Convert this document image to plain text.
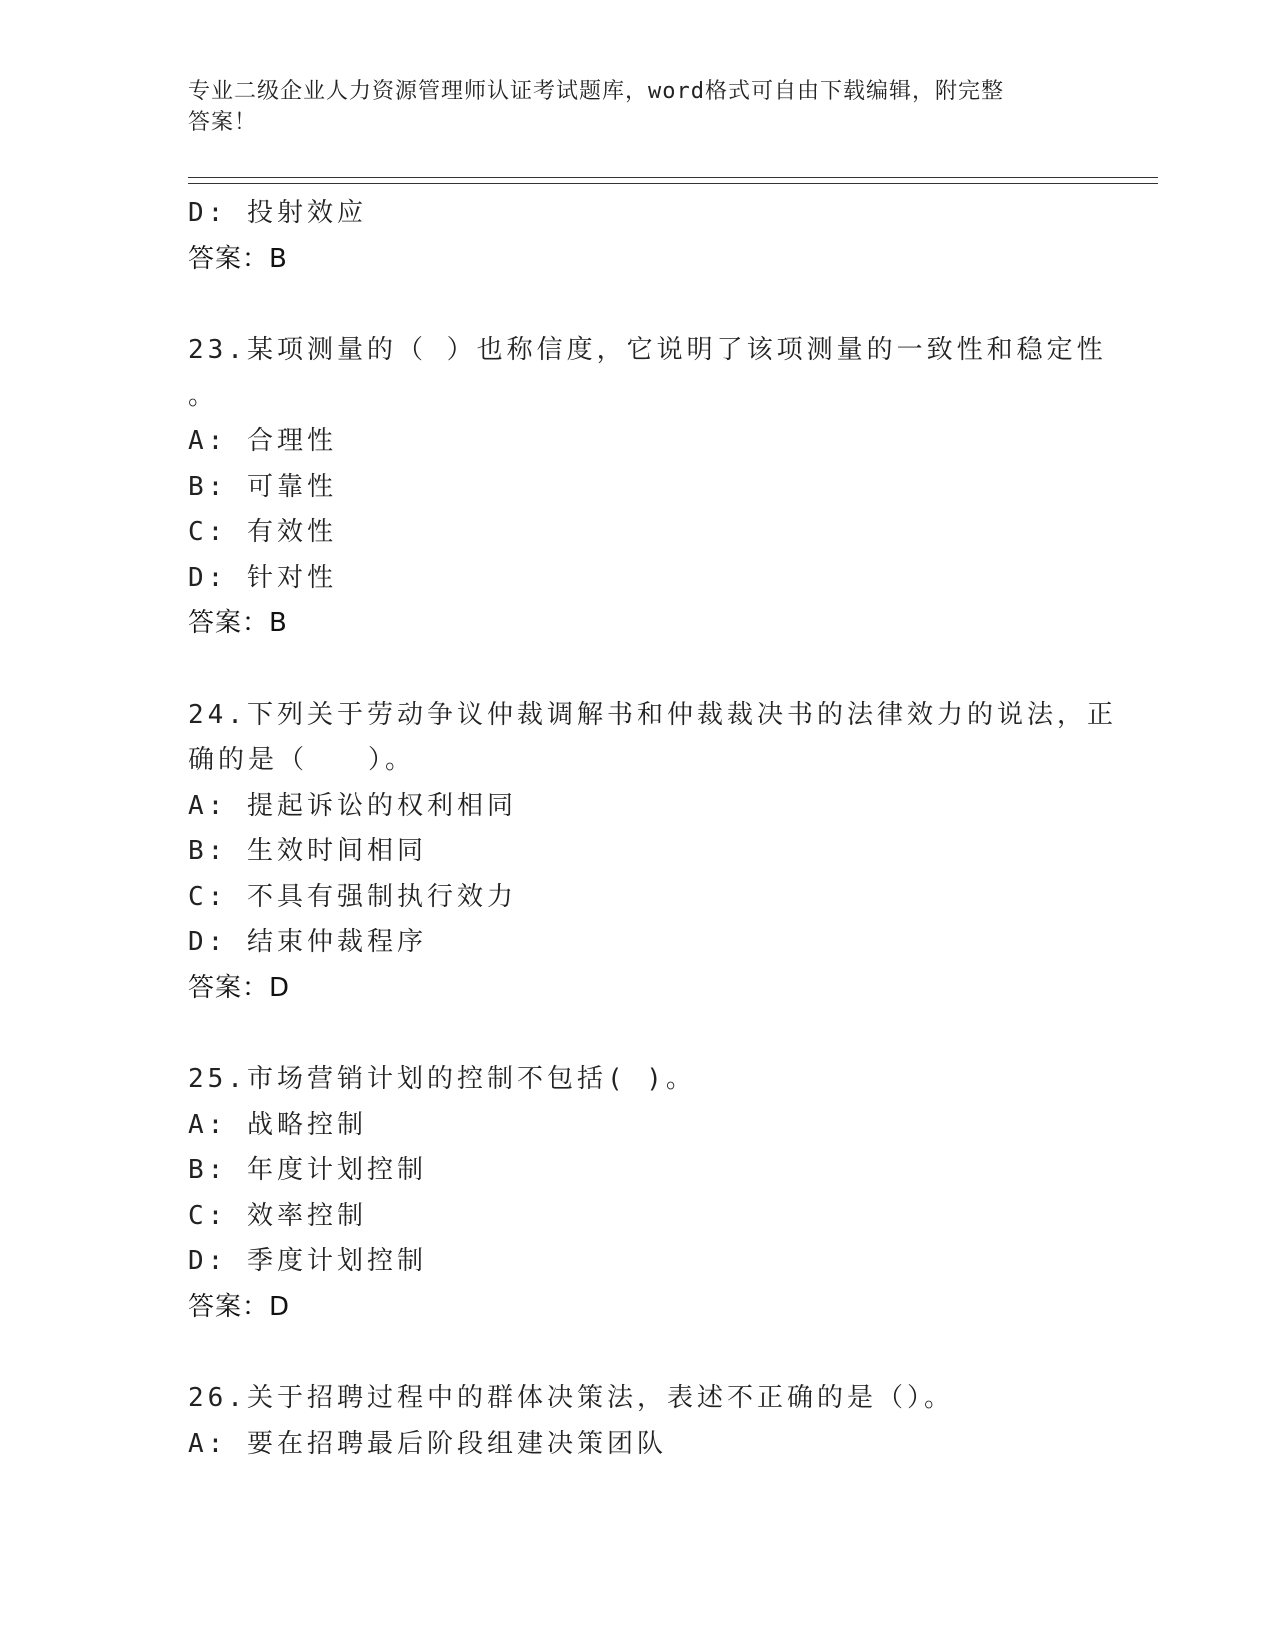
专业二级企业人力资源管理师认证考试题库，word格式可自由下载编辑，附完整
答案！
D: 投射效应
答案：B
23.某项测量的（ ）也称信度，它说明了该项测量的一致性和稳定性
。
A: 合理性
B: 可靠性
C: 有效性
D: 针对性
答案：B
24.下列关于劳动争议仲裁调解书和仲裁裁决书的法律效力的说法，正
确的是（　　）。
A: 提起诉讼的权利相同
B: 生效时间相同
C: 不具有强制执行效力
D: 结束仲裁程序
答案：D
25.市场营销计划的控制不包括( )。
A: 战略控制
B: 年度计划控制
C: 效率控制
D: 季度计划控制
答案：D
26.关于招聘过程中的群体决策法，表述不正确的是（）。
A: 要在招聘最后阶段组建决策团队
